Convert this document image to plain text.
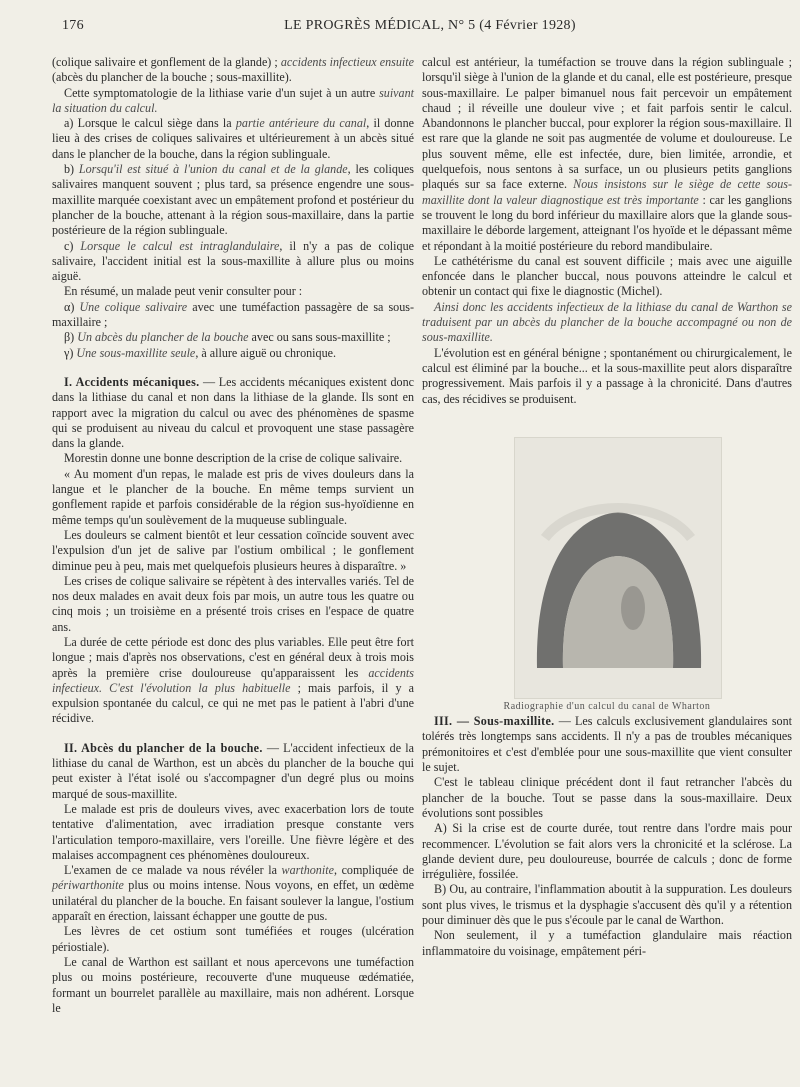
176	LE PROGRÈS MÉDICAL, N° 5 (4 Février 1928)

(colique salivaire et gonflement de la glande) ; accidents infectieux ensuite (abcès du plancher de la bouche ; sous-maxillite).

Cette symptomatologie de la lithiase varie d'un sujet à un autre suivant la situation du calcul.

a) Lorsque le calcul siège dans la partie antérieure du canal, il donne lieu à des crises de coliques salivaires et ultérieurement à un abcès situé dans le plancher de la bouche, dans la région sublinguale.

b) Lorsqu'il est situé à l'union du canal et de la glande, les coliques salivaires manquent souvent ; plus tard, sa présence engendre une sous-maxillite marquée coexistant avec un empâtement profond et postérieur du plancher de la bouche, attenant à la région sous-maxillaire, dans la partie postérieure de la région sublinguale.

c) Lorsque le calcul est intraglandulaire, il n'y a pas de colique salivaire, l'accident initial est la sous-maxillite à allure plus ou moins aiguë.

En résumé, un malade peut venir consulter pour :

α) Une colique salivaire avec une tuméfaction passagère de sa sous-maxillaire ;

β) Un abcès du plancher de la bouche avec ou sans sous-maxillite ;

γ) Une sous-maxillite seule, à allure aiguë ou chronique.

I. Accidents mécaniques. — Les accidents mécaniques existent donc dans la lithiase du canal et non dans la lithiase de la glande. Ils sont en rapport avec la migration du calcul ou avec des phénomènes de spasme qui se produisent au niveau du calcul et provoquent une stase passagère dans la glande.

Morestin donne une bonne description de la crise de colique salivaire.

« Au moment d'un repas, le malade est pris de vives douleurs dans la langue et le plancher de la bouche. En même temps survient un gonflement rapide et parfois considérable de la région sus-hyoïdienne en même temps qu'un soulèvement de la muqueuse sublinguale.

Les douleurs se calment bientôt et leur cessation coïncide souvent avec l'expulsion d'un jet de salive par l'ostium ombilical ; le gonflement diminue peu à peu, mais met quelquefois plusieurs heures à disparaître. »

Les crises de colique salivaire se répètent à des intervalles variés. Tel de nos deux malades en avait deux fois par mois, un autre tous les quatre ou cinq mois ; un troisième en a présenté trois crises en l'espace de quatre ans.

La durée de cette période est donc des plus variables. Elle peut être fort longue ; mais d'après nos observations, c'est en général deux à trois mois après la première crise douloureuse qu'apparaissent les accidents infectieux. C'est l'évolution la plus habituelle ; mais parfois, il y a expulsion spontanée du calcul, ce qui ne met pas le patient à l'abri d'une récidive.

II. Abcès du plancher de la bouche. — L'accident infectieux de la lithiase du canal de Warthon, est un abcès du plancher de la bouche qui peut exister à l'état isolé ou s'accompagner d'un degré plus ou moins marqué de sous-maxillite.

Le malade est pris de douleurs vives, avec exacerbation lors de toute tentative d'alimentation, avec irradiation presque constante vers l'articulation temporo-maxillaire, vers l'oreille. Une fièvre légère et des malaises accompagnent ces phénomènes douloureux.

L'examen de ce malade va nous révéler la warthonite, compliquée de périwarthonite plus ou moins intense. Nous voyons, en effet, un œdème unilatéral du plancher de la bouche. En faisant soulever la langue, l'ostium apparaît en érection, laissant échapper une goutte de pus.

Les lèvres de cet ostium sont tuméfiées et rouges (ulcération périostiale).

Le canal de Warthon est saillant et nous apercevons une tuméfaction plus ou moins postérieure, recouverte d'une muqueuse œdématiée, formant un bourrelet parallèle au maxillaire, mais non adhérent. Lorsque le

calcul est antérieur, la tuméfaction se trouve dans la région sublinguale ; lorsqu'il siège à l'union de la glande et du canal, elle est postérieure, presque sous-maxillaire. Le palper bimanuel nous fait percevoir un empâtement chaud ; il réveille une douleur vive ; et fait parfois sentir le calcul. Abandonnons le plancher buccal, pour explorer la région sous-maxillaire. Il est rare que la glande ne soit pas augmentée de volume et douloureuse. Le plus souvent même, elle est infectée, dure, bien limitée, arrondie, et quelquefois, nous sentons à sa surface, un ou plusieurs petits ganglions plaqués sur sa face externe. Nous insistons sur le siège de cette sous-maxillite dont la valeur diagnostique est très importante : car les ganglions se trouvent le long du bord inférieur du maxillaire alors que la glande sous-maxillaire le déborde largement, atteignant l'os hyoïde et le dépassant même et répondant à la moitié postérieure du rebord mandibulaire.

Le cathétérisme du canal est souvent difficile ; mais avec une aiguille enfoncée dans le plancher buccal, nous pouvons atteindre le calcul et obtenir un contact qui fixe le diagnostic (Michel).

Ainsi donc les accidents infectieux de la lithiase du canal de Warthon se traduisent par un abcès du plancher de la bouche accompagné ou non de sous-maxillite.

L'évolution est en général bénigne ; spontanément ou chirurgicalement, le calcul est éliminé par la bouche... et la sous-maxillite peut alors disparaître progressivement. Mais parfois il y a passage à la chronicité. Dans d'autres cas, des récidives se produisent.

Radiographie d'un calcul du canal de Wharton

III. — Sous-maxillite. — Les calculs exclusivement glandulaires sont tolérés très longtemps sans accidents. Il n'y a pas de troubles mécaniques prémonitoires et c'est d'emblée pour une sous-maxillite que vient consulter le sujet.

C'est le tableau clinique précédent dont il faut retrancher l'abcès du plancher de la bouche. Tout se passe dans la sous-maxillaire. Deux évolutions sont possibles

A) Si la crise est de courte durée, tout rentre dans l'ordre mais pour recommencer. L'évolution se fait alors vers la chronicité et la sclérose. La glande devient dure, peu douloureuse, bourrée de calculs ; donc de forme irrégulière, fossilée.

B) Ou, au contraire, l'inflammation aboutit à la suppuration. Les douleurs sont plus vives, le trismus et la dysphagie s'accusent dès qu'il y a rétention pour diminuer dès que le pus s'écoule par le canal de Warthon.

Non seulement, il y a tuméfaction glandulaire mais réaction inflammatoire du voisinage, empâtement péri-
